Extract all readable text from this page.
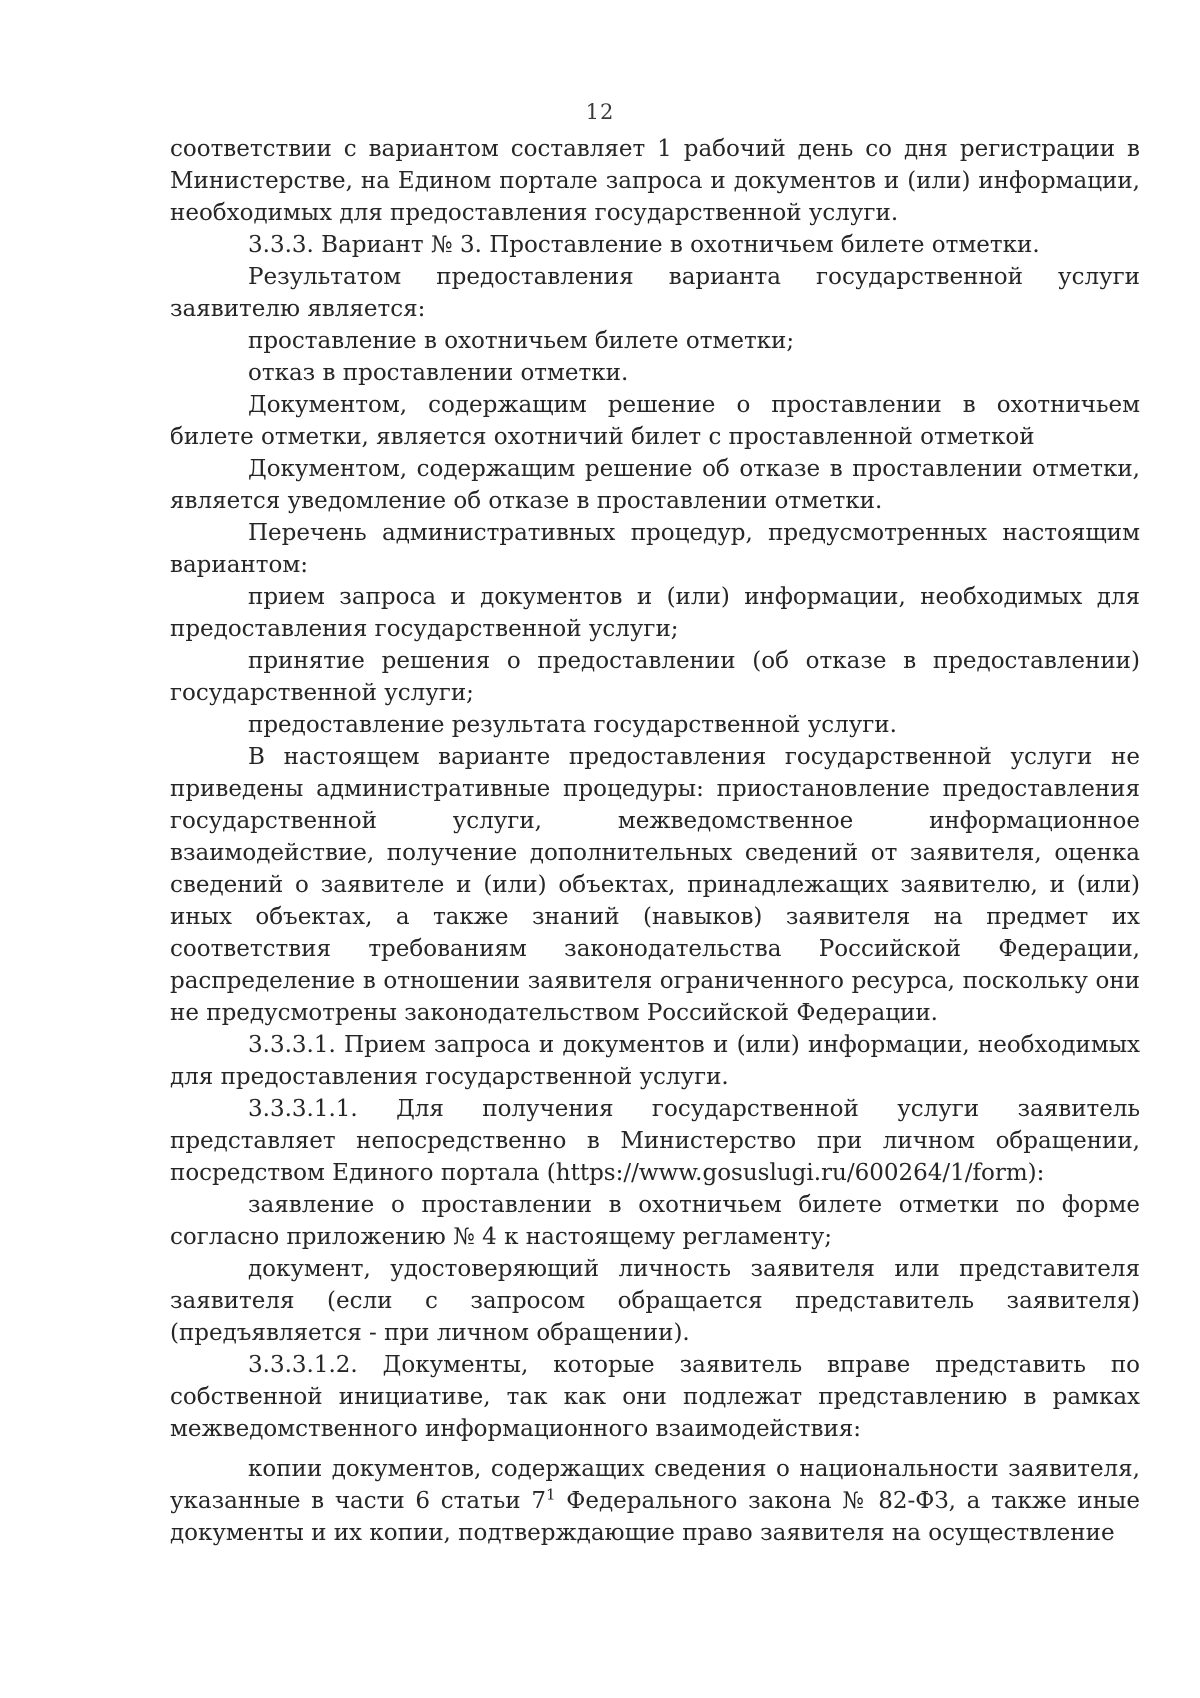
12

соответствии с вариантом составляет 1 рабочий день со дня регистрации в Министерстве, на Едином портале запроса и документов и (или) информации, необходимых для предоставления государственной услуги.

3.3.3. Вариант № 3. Проставление в охотничьем билете отметки.

Результатом предоставления варианта государственной услуги заявителю является:

проставление в охотничьем билете отметки;

отказ в проставлении отметки.

Документом, содержащим решение о проставлении в охотничьем билете отметки, является охотничий билет с проставленной отметкой

Документом, содержащим решение об отказе в проставлении отметки, является уведомление об отказе в проставлении отметки.

Перечень административных процедур, предусмотренных настоящим вариантом:

прием запроса и документов и (или) информации, необходимых для предоставления государственной услуги;

принятие решения о предоставлении (об отказе в предоставлении) государственной услуги;

предоставление результата государственной услуги.

В настоящем варианте предоставления государственной услуги не приведены административные процедуры: приостановление предоставления государственной услуги, межведомственное информационное взаимодействие, получение дополнительных сведений от заявителя, оценка сведений о заявителе и (или) объектах, принадлежащих заявителю, и (или) иных объектах, а также знаний (навыков) заявителя на предмет их соответствия требованиям законодательства Российской Федерации, распределение в отношении заявителя ограниченного ресурса, поскольку они не предусмотрены законодательством Российской Федерации.

3.3.3.1. Прием запроса и документов и (или) информации, необходимых для предоставления государственной услуги.

3.3.3.1.1. Для получения государственной услуги заявитель представляет непосредственно в Министерство при личном обращении, посредством Единого портала (https://www.gosuslugi.ru/600264/1/form):

заявление о проставлении в охотничьем билете отметки по форме согласно приложению № 4 к настоящему регламенту;

документ, удостоверяющий личность заявителя или представителя заявителя (если с запросом обращается представитель заявителя) (предъявляется - при личном обращении).

3.3.3.1.2. Документы, которые заявитель вправе представить по собственной инициативе, так как они подлежат представлению в рамках межведомственного информационного взаимодействия:

копии документов, содержащих сведения о национальности заявителя, указанные в части 6 статьи 7$^1$ Федерального закона № 82-ФЗ, а также иные документы и их копии, подтверждающие право заявителя на осуществление
